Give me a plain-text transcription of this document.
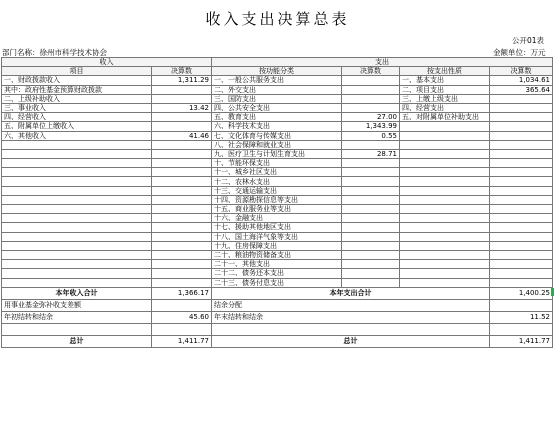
收入支出决算总表
公开01表
部门名称：徐州市科学技术协会	金额单位：万元
收入		支出			
项目	决算数	按功能分类	决算数	按支出性质	决算数
一、财政拨款收入	1,311.29	一、一般公共服务支出		一、基本支出	1,034.61
其中：政府性基金预算财政拨款		二、外交支出		二、项目支出	365.64
二、上级补助收入		三、国防支出		三、上缴上级支出	
三、事业收入	13.42	四、公共安全支出		四、经营支出	
四、经营收入		五、教育支出	27.00	五、对附属单位补助支出	
五、附属单位上缴收入		六、科学技术支出	1,343.99		
六、其他收入	41.46	七、文化体育与传媒支出	0.55		
		八、社会保障和就业支出			
		九、医疗卫生与计划生育支出	28.71		
		十、节能环保支出			
		十一、城乡社区支出			
		十二、农林水支出			
		十三、交通运输支出			
		十四、资源勘探信息等支出			
		十五、商业服务业等支出			
		十六、金融支出			
		十七、援助其他地区支出			
		十八、国土海洋气象等支出			
		十九、住房保障支出			
		二十、粮油物资储备支出			
		二十一、其他支出			
		二十二、债务还本支出			
		二十三、债务付息支出			
本年收入合计	1,366.17	本年支出合计			1,400.25
用事业基金弥补收支差额		结余分配			
年初结转和结余	45.60	年末结转和结余			11.52

总计	1,411.77	总计			1,411.77
